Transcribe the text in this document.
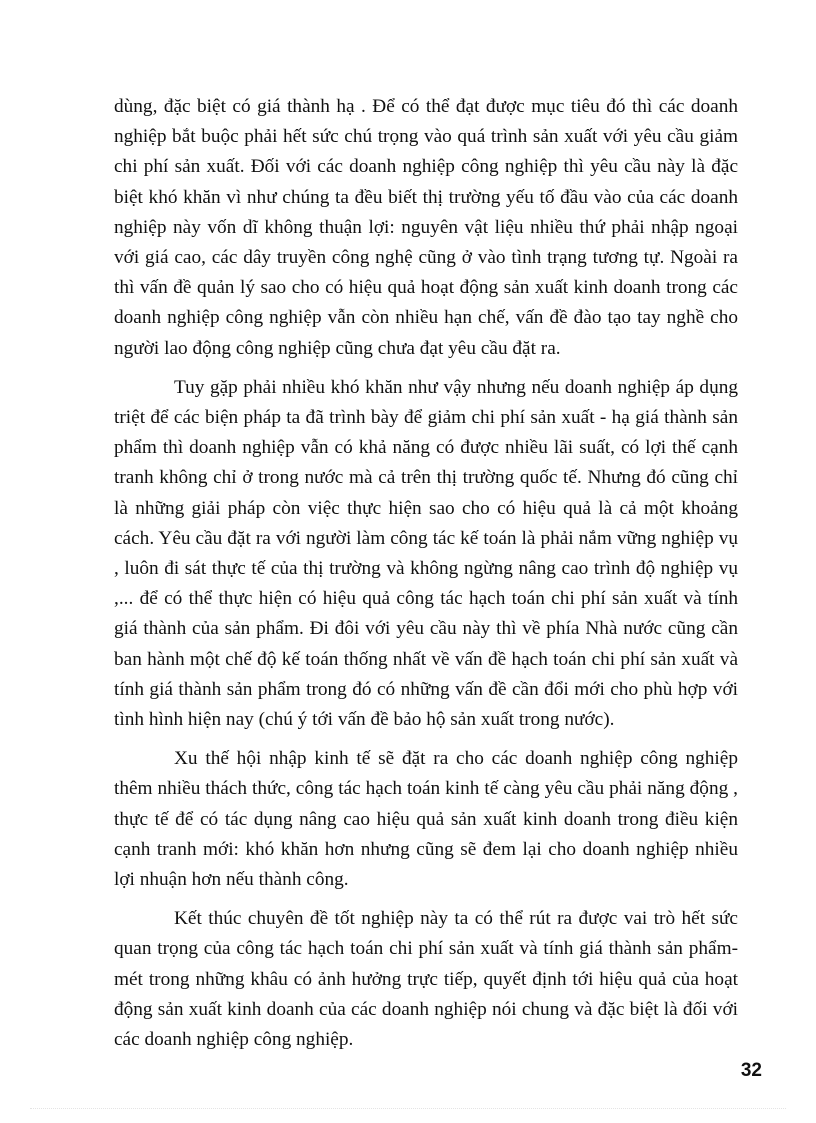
dùng, đặc biệt có giá thành hạ . Để có thể đạt được mục tiêu đó thì các doanh nghiệp bắt buộc phải hết sức chú trọng vào quá trình sản xuất với yêu cầu giảm chi phí sản xuất. Đối với các doanh nghiệp công nghiệp thì yêu cầu này là đặc biệt khó khăn vì như chúng ta đều biết thị trường yếu tố đầu vào của các doanh nghiệp này vốn dĩ không thuận lợi: nguyên vật liệu nhiều thứ phải nhập ngoại với giá cao, các dây truyền công nghệ cũng ở vào tình trạng tương tự. Ngoài ra thì vấn đề quản lý sao cho có hiệu quả hoạt động sản xuất kinh doanh trong các doanh nghiệp công nghiệp vẫn còn nhiều hạn chế, vấn đề đào tạo tay nghề cho người lao động công nghiệp cũng chưa đạt yêu cầu đặt ra.

Tuy gặp phải nhiều khó khăn như vậy nhưng nếu doanh nghiệp áp dụng triệt để các biện pháp ta đã trình bày để giảm chi phí sản xuất - hạ giá thành sản phẩm thì doanh nghiệp vẫn có khả năng có được nhiều lãi suất, có lợi thế cạnh tranh không chỉ ở trong nước mà cả trên thị trường quốc tế. Nhưng đó cũng chỉ là những giải pháp còn việc thực hiện sao cho có hiệu quả là cả một khoảng cách. Yêu cầu đặt ra với người làm công tác kế toán là phải nắm vững nghiệp vụ , luôn đi sát thực tế của thị trường và không ngừng nâng cao trình độ nghiệp vụ ,... để có thể thực hiện có hiệu quả công tác hạch toán chi phí sản xuất và tính giá thành của sản phẩm. Đi đôi với yêu cầu này thì về phía Nhà nước cũng cần ban hành một chế độ kế toán thống nhất về vấn đề hạch toán chi phí sản xuất và tính giá thành sản phẩm trong đó có những vấn đề cần đổi mới cho phù hợp với tình hình hiện nay (chú ý tới vấn đề bảo hộ sản xuất trong nước).

Xu thế hội nhập kinh tế sẽ đặt ra cho các doanh nghiệp công nghiệp thêm nhiều thách thức, công tác hạch toán kinh tế càng yêu cầu phải năng động , thực tế để có tác dụng nâng cao hiệu quả sản xuất kinh doanh trong điều kiện cạnh tranh mới: khó khăn hơn nhưng cũng sẽ đem lại cho doanh nghiệp nhiều lợi nhuận hơn nếu thành công.

Kết thúc chuyên đề tốt nghiệp này ta có thể rút ra được vai trò hết sức quan trọng của công tác hạch toán chi phí sản xuất và tính giá thành sản phẩm- mét trong những khâu có ảnh hưởng trực tiếp, quyết định tới hiệu quả của hoạt động sản xuất kinh doanh của các doanh nghiệp nói chung và đặc biệt là đối với các doanh nghiệp công nghiệp.

32
